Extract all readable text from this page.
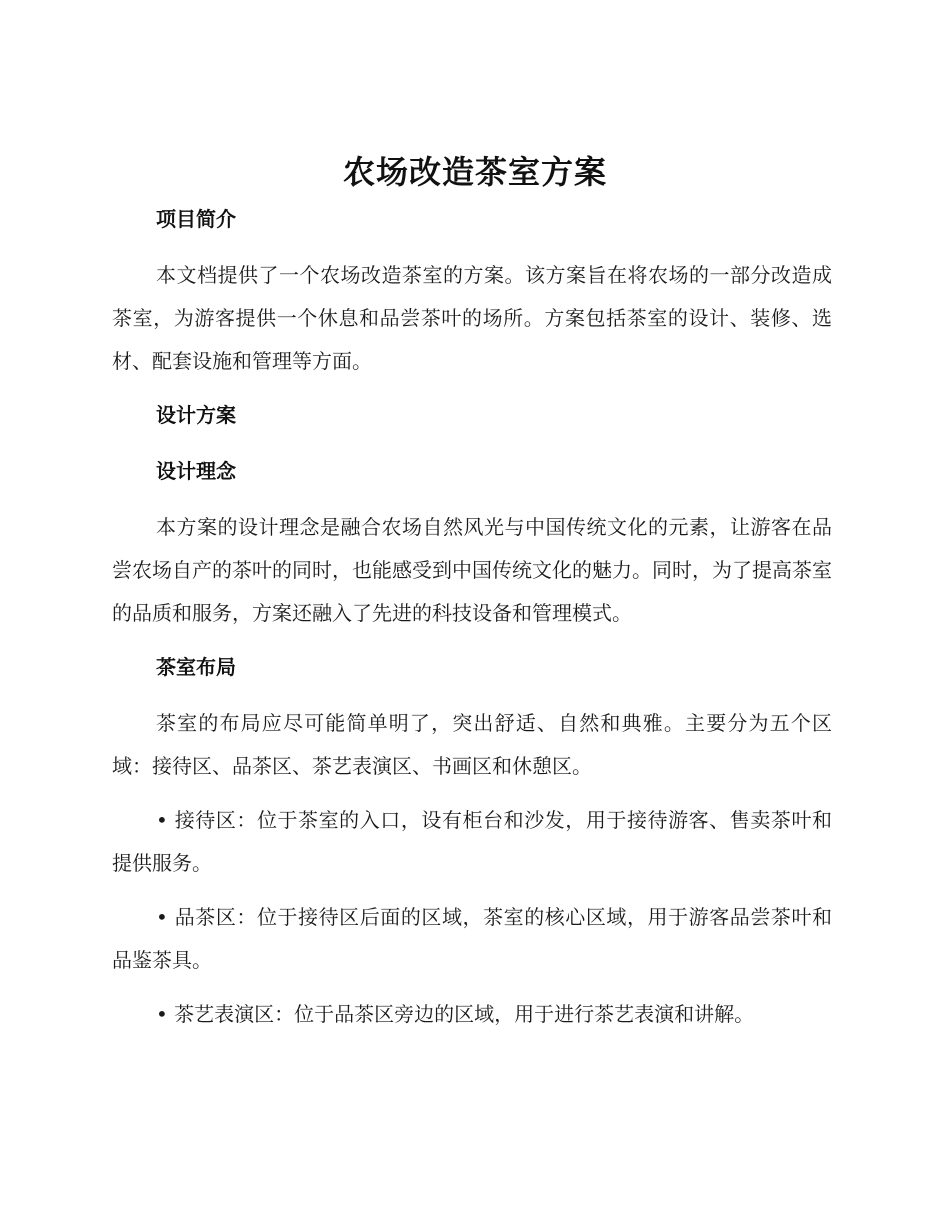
农场改造茶室方案
项目简介
本文档提供了一个农场改造茶室的方案。该方案旨在将农场的一部分改造成茶室，为游客提供一个休息和品尝茶叶的场所。方案包括茶室的设计、装修、选材、配套设施和管理等方面。
设计方案
设计理念
本方案的设计理念是融合农场自然风光与中国传统文化的元素，让游客在品尝农场自产的茶叶的同时，也能感受到中国传统文化的魅力。同时，为了提高茶室的品质和服务，方案还融入了先进的科技设备和管理模式。
茶室布局
茶室的布局应尽可能简单明了，突出舒适、自然和典雅。主要分为五个区域：接待区、品茶区、茶艺表演区、书画区和休憩区。
• 接待区：位于茶室的入口，设有柜台和沙发，用于接待游客、售卖茶叶和提供服务。
• 品茶区：位于接待区后面的区域，茶室的核心区域，用于游客品尝茶叶和品鉴茶具。
• 茶艺表演区：位于品茶区旁边的区域，用于进行茶艺表演和讲解。
